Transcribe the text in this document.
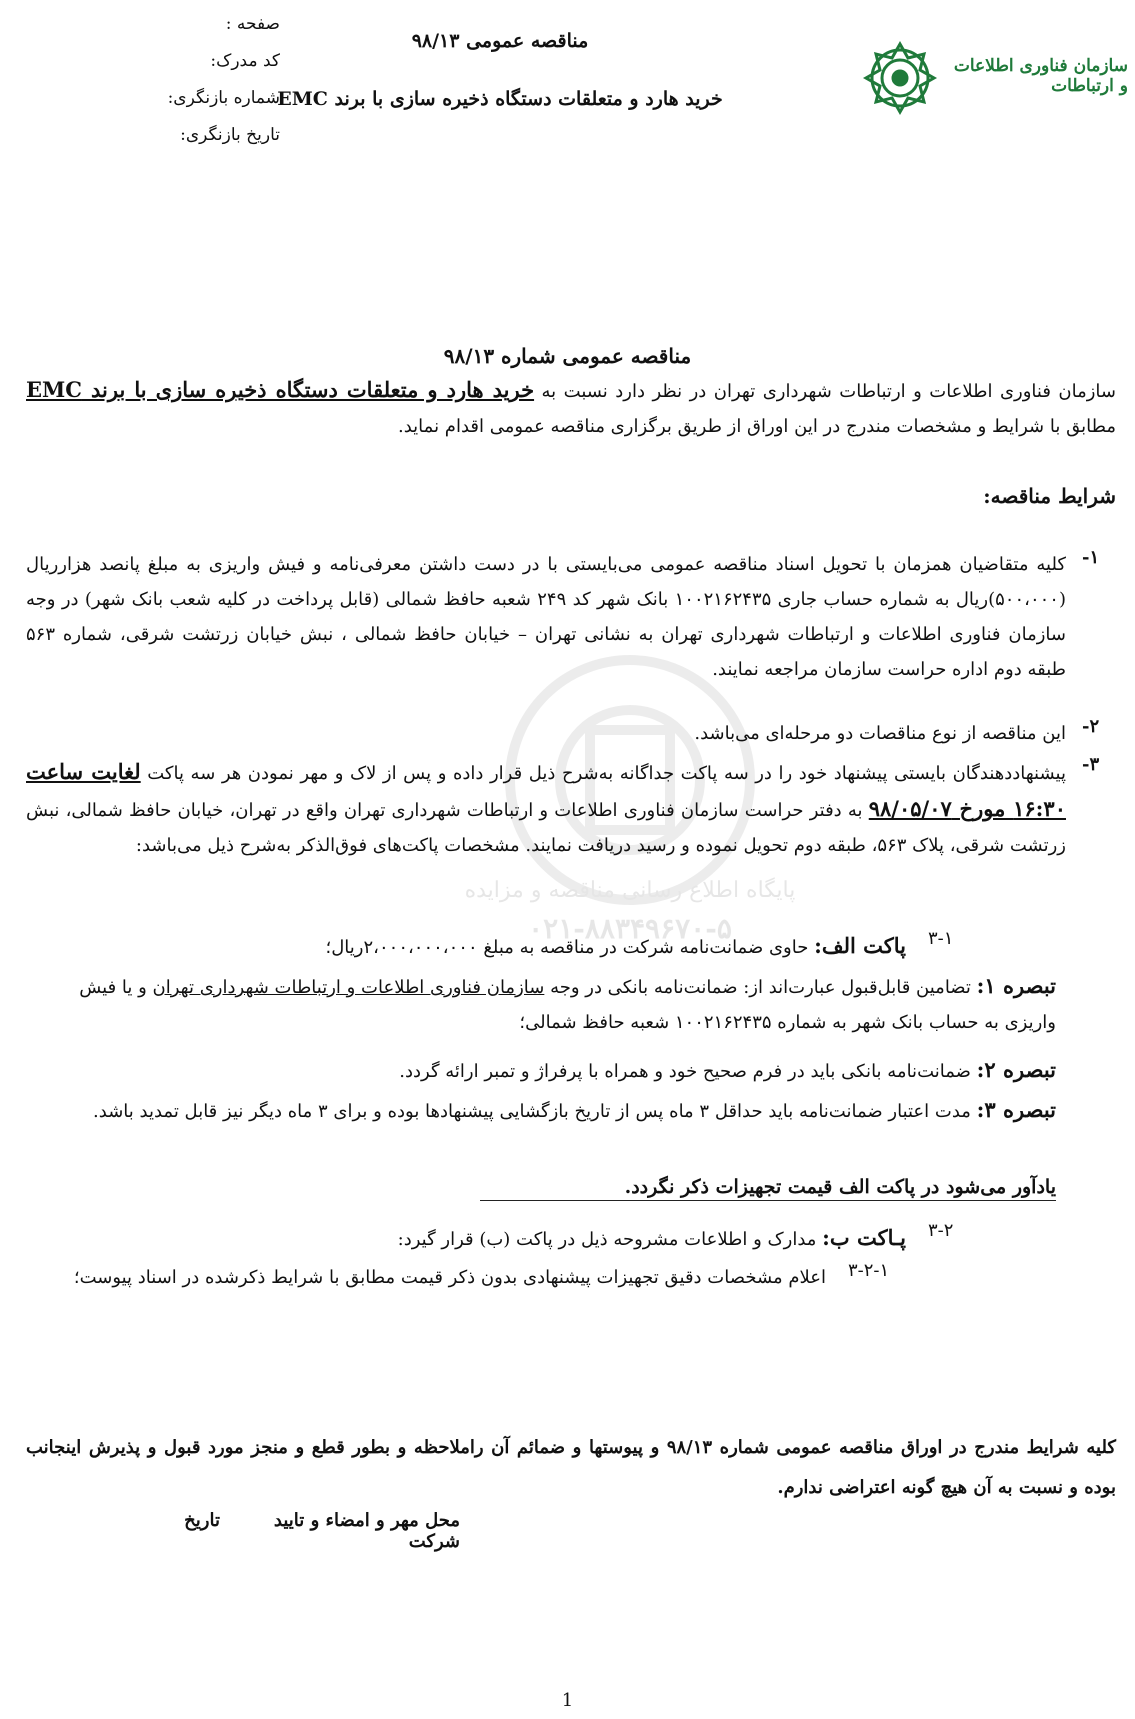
صفحه :
کد مدرک:
شماره بازنگری:
تاریخ بازنگری:
مناقصه عمومی ۹۸/۱۳
خرید هارد و متعلقات دستگاه ذخیره سازی با برند EMC
سازمان فناوری اطلاعات و ارتباطات
مناقصه عمومی شماره ۹۸/۱۳
سازمان فناوری اطلاعات و ارتباطات شهرداری تهران در نظر دارد نسبت به خرید هارد و متعلقات دستگاه ذخیره سازی با برند EMC مطابق با شرایط و مشخصات مندرج در این اوراق از طریق برگزاری مناقصه عمومی اقدام نماید.
شرایط مناقصه:
پایگاه اطلاع رسانی مناقصه و مزایده
۰۲۱-۸۸۳۴۹۶۷۰-۵
۱-
کلیه متقاضیان همزمان با تحویل اسناد مناقصه عمومی می‌بایستی با در دست داشتن معرفی‌نامه و فیش واریزی به مبلغ پانصد هزارریال (۵۰۰،۰۰۰)ریال به شماره حساب جاری ۱۰۰۲۱۶۲۴۳۵ بانک شهر کد ۲۴۹ شعبه حافظ شمالی (قابل پرداخت در کلیه شعب بانک شهر) در وجه سازمان فناوری اطلاعات و ارتباطات شهرداری تهران به نشانی تهران – خیابان حافظ شمالی ، نبش خیابان زرتشت شرقی، شماره ۵۶۳ طبقه دوم اداره حراست سازمان مراجعه نمایند.
۲-
این مناقصه از نوع مناقصات دو مرحله‌ای می‌باشد.
۳-
پیشنهاددهندگان بایستی پیشنهاد خود را در سه پاکت جداگانه به‌شرح ذیل قرار داده و پس از لاک و مهر نمودن هر سه پاکت لغایت ساعت ۱۶:۳۰ مورخ ۹۸/۰۵/۰۷ به دفتر حراست سازمان فناوری اطلاعات و ارتباطات شهرداری تهران واقع در تهران، خیابان حافظ شمالی، نبش زرتشت شرقی، پلاک ۵۶۳، طبقه دوم تحویل نموده و رسید دریافت نمایند. مشخصات پاکت‌های فوق‌الذکر به‌شرح ذیل می‌باشد:
۳-۱
پاکت الف: حاوی ضمانت‌نامه شرکت در مناقصه به مبلغ ۲،۰۰۰،۰۰۰،۰۰۰ریال؛
تبصره ۱: تضامین قابل‌قبول عبارت‌اند از: ضمانت‌نامه بانکی در وجه سازمان فناوری اطلاعات و ارتباطات شهرداری تهران و یا فیش واریزی به حساب بانک شهر به شماره ۱۰۰۲۱۶۲۴۳۵ شعبه حافظ شمالی؛
تبصره ۲: ضمانت‌نامه بانکی باید در فرم صحیح خود و همراه با پرفراژ و تمبر ارائه گردد.
تبصره ۳: مدت اعتبار ضمانت‌نامه باید حداقل ۳ ماه پس از تاریخ بازگشایی پیشنهادها بوده و برای ۳ ماه دیگر نیز قابل تمدید باشد.
یادآور می‌شود در پاکت الف قیمت تجهیزات ذکر نگردد.
۳-۲
پـاکت ب: مدارک و اطلاعات مشروحه ذیل در پاکت (ب) قرار گیرد:
۳-۲-۱
اعلام مشخصات دقیق تجهیزات پیشنهادی بدون ذکر قیمت مطابق با شرایط ذکرشده در اسناد پیوست؛
کلیه شرایط مندرج در اوراق مناقصه عمومی شماره ۹۸/۱۳ و پیوستها و ضمائم آن راملاحظه و بطور قطع و منجز مورد قبول و پذیرش اینجانب بوده و نسبت به آن هیچ گونه اعتراضی ندارم.
محل مهر و امضاء و تایید شرکت
تاریخ
1
